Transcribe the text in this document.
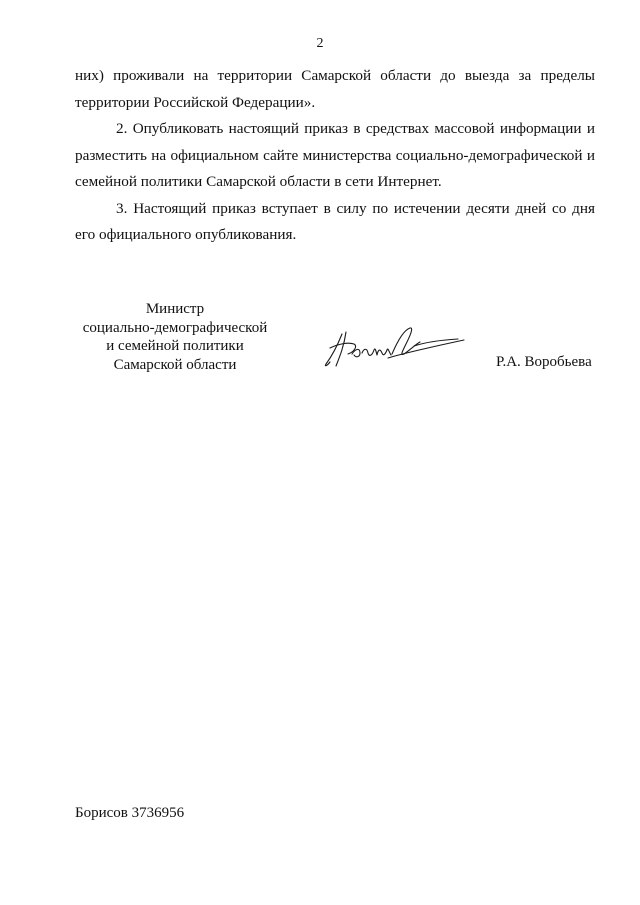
2

них) проживали на территории Самарской области до выезда за пределы территории Российской Федерации».

2. Опубликовать настоящий приказ в средствах массовой информации и разместить на официальном сайте министерства социально-демографической и семейной политики Самарской области в сети Интернет.

3. Настоящий приказ вступает в силу по истечении десяти дней со дня его официального опубликования.

Министр
социально-демографической
и семейной политики
Самарской области	Р.А. Воробьева
Борисов 3736956
